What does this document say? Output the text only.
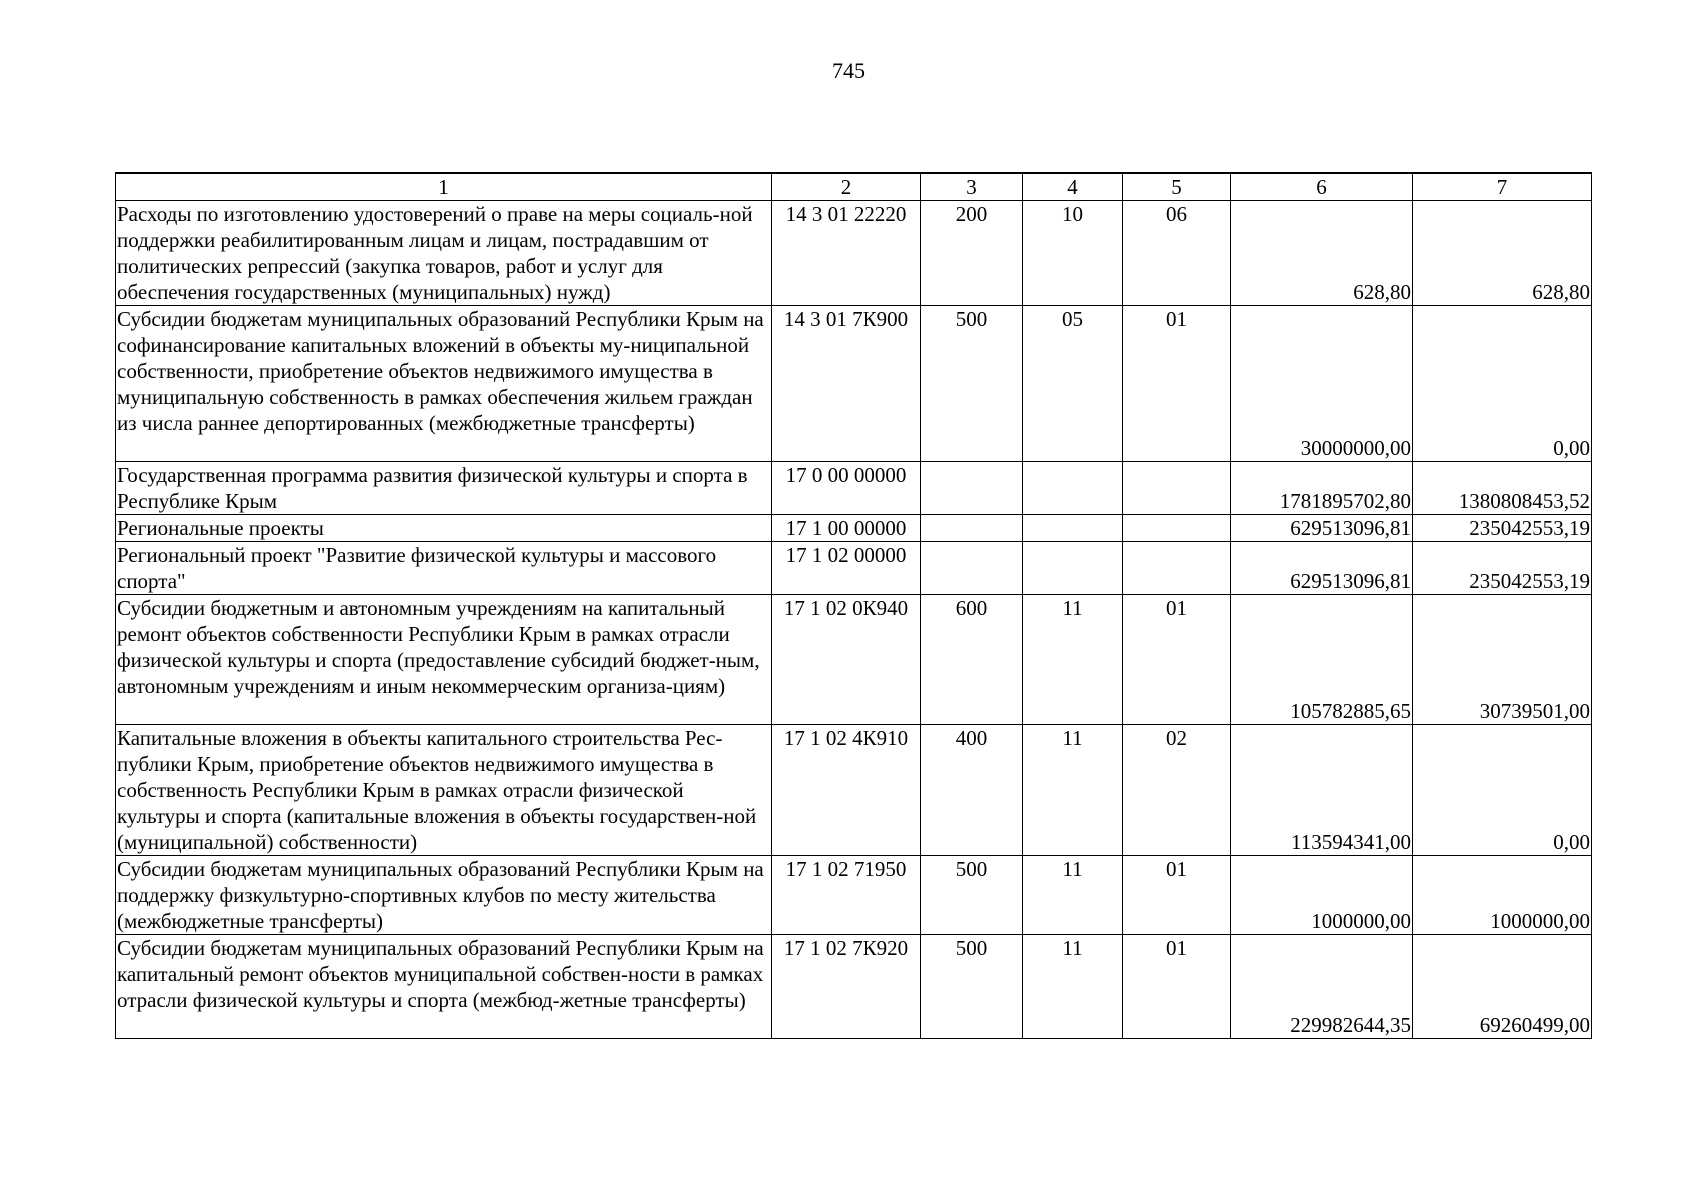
745
1	2	3	4	5	6	7
Расходы по изготовлению удостоверений о праве на меры социаль-ной поддержки реабилитированным лицам и лицам, пострадавшим от политических репрессий (закупка товаров, работ и услуг для обеспечения государственных (муниципальных) нужд)	14 3 01 22220	200	10	06	628,80	628,80
Субсидии бюджетам муниципальных образований Республики Крым на софинансирование капитальных вложений в объекты му-ниципальной собственности, приобретение объектов недвижимого имущества в муниципальную собственность в рамках обеспечения жильем граждан из числа раннее депортированных (межбюджетные трансферты)	14 3 01 7К900	500	05	01	30000000,00	0,00
Государственная программа развития физической культуры и спорта в Республике Крым	17 0 00 00000				1781895702,80	1380808453,52
Региональные проекты	17 1 00 00000				629513096,81	235042553,19
Региональный проект "Развитие физической культуры и массового спорта"	17 1 02 00000				629513096,81	235042553,19
Субсидии бюджетным и автономным учреждениям на капитальный ремонт объектов собственности Республики Крым в рамках отрасли физической культуры и спорта (предоставление субсидий бюджет-ным, автономным учреждениям и иным некоммерческим организа-циям)	17 1 02 0К940	600	11	01	105782885,65	30739501,00
Капитальные вложения в объекты капитального строительства Рес-публики Крым, приобретение объектов недвижимого имущества в собственность Республики Крым в рамках отрасли физической культуры и спорта (капитальные вложения в объекты государствен-ной (муниципальной) собственности)	17 1 02 4К910	400	11	02	113594341,00	0,00
Субсидии бюджетам муниципальных образований Республики Крым на поддержку физкультурно-спортивных клубов по месту жительства (межбюджетные трансферты)	17 1 02 71950	500	11	01	1000000,00	1000000,00
Субсидии бюджетам муниципальных образований Республики Крым на капитальный ремонт объектов муниципальной собствен-ности в рамках отрасли физической культуры и спорта (межбюд-жетные трансферты)	17 1 02 7К920	500	11	01	229982644,35	69260499,00
